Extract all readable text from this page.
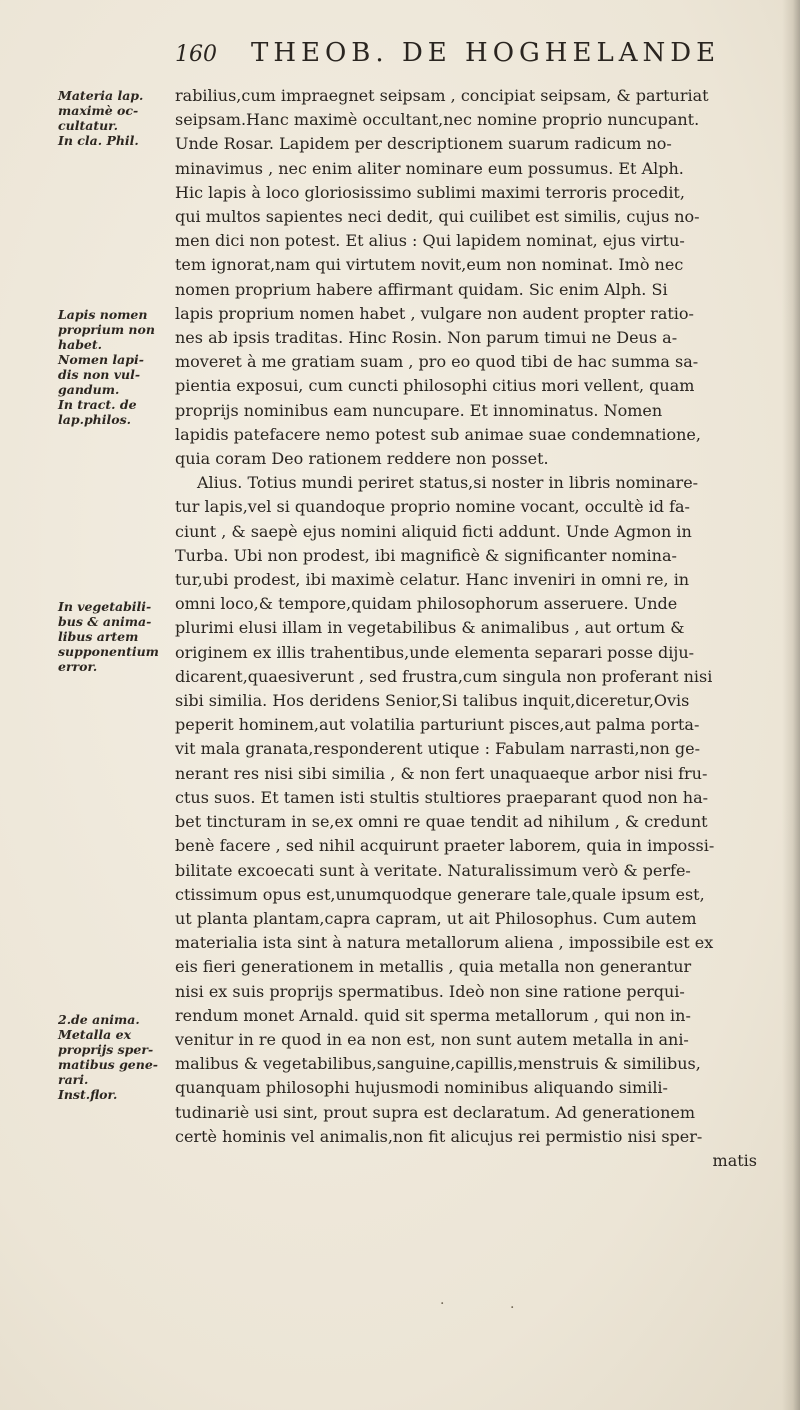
160 THEOB. DE HOGHELANDE
Materia lap.
maximè oc-
cultatur.
In cla. Phil.
Lapis nomen
proprium non
habet.
Nomen lapi-
dis non vul-
gandum.
In tract. de
lap.philos.
In vegetabili-
bus & anima-
libus artem
supponentium
error.
2.de anima.
Metalla ex
proprijs sper-
matibus gene-
rari.
Inst.flor.
rabilius,cum impraegnet seipsam , concipiat seipsam, & parturiat
seipsam.Hanc maximè occultant,nec nomine proprio nuncupant.
Unde Rosar. Lapidem per descriptionem suarum radicum no-
minavimus , nec enim aliter nominare eum possumus. Et Alph.
Hic lapis à loco gloriosissimo sublimi maximi terroris procedit,
qui multos sapientes neci dedit, qui cuilibet est similis, cujus no-
men dici non potest. Et alius : Qui lapidem nominat, ejus virtu-
tem ignorat,nam qui virtutem novit,eum non nominat. Imò nec
nomen proprium habere affirmant quidam. Sic enim Alph. Si
lapis proprium nomen habet , vulgare non audent propter ratio-
nes ab ipsis traditas. Hinc Rosin. Non parum timui ne Deus a-
moveret à me gratiam suam , pro eo quod tibi de hac summa sa-
pientia exposui, cum cuncti philosophi citius mori vellent, quam
proprijs nominibus eam nuncupare. Et innominatus. Nomen
lapidis patefacere nemo potest sub animae suae condemnatione,
quia coram Deo rationem reddere non posset.
Alius. Totius mundi periret status,si noster in libris nominare-
tur lapis,vel si quandoque proprio nomine vocant, occultè id fa-
ciunt , & saepè ejus nomini aliquid ficti addunt. Unde Agmon in
Turba. Ubi non prodest, ibi magnificè & significanter nomina-
tur,ubi prodest, ibi maximè celatur. Hanc inveniri in omni re, in
omni loco,& tempore,quidam philosophorum asseruere. Unde
plurimi elusi illam in vegetabilibus & animalibus , aut ortum &
originem ex illis trahentibus,unde elementa separari posse diju-
dicarent,quaesiverunt , sed frustra,cum singula non proferant nisi
sibi similia. Hos deridens Senior,Si talibus inquit,diceretur,Ovis
peperit hominem,aut volatilia parturiunt pisces,aut palma porta-
vit mala granata,responderent utique : Fabulam narrasti,non ge-
nerant res nisi sibi similia , & non fert unaquaeque arbor nisi fru-
ctus suos. Et tamen isti stultis stultiores praeparant quod non ha-
bet tincturam in se,ex omni re quae tendit ad nihilum , & credunt
benè facere , sed nihil acquirunt praeter laborem, quia in impossi-
bilitate excoecati sunt à veritate. Naturalissimum verò & perfe-
ctissimum opus est,unumquodque generare tale,quale ipsum est,
ut planta plantam,capra capram, ut ait Philosophus. Cum autem
materialia ista sint à natura metallorum aliena , impossibile est ex
eis fieri generationem in metallis , quia metalla non generantur
nisi ex suis proprijs spermatibus. Ideò non sine ratione perqui-
rendum monet Arnald. quid sit sperma metallorum , qui non in-
venitur in re quod in ea non est, non sunt autem metalla in ani-
malibus & vegetabilibus,sanguine,capillis,menstruis & similibus,
quanquam philosophi hujusmodi nominibus aliquando simili-
tudinariè usi sint, prout supra est declaratum. Ad generationem
certè hominis vel animalis,non fit alicujus rei permistio nisi sper-
matis
·
·
